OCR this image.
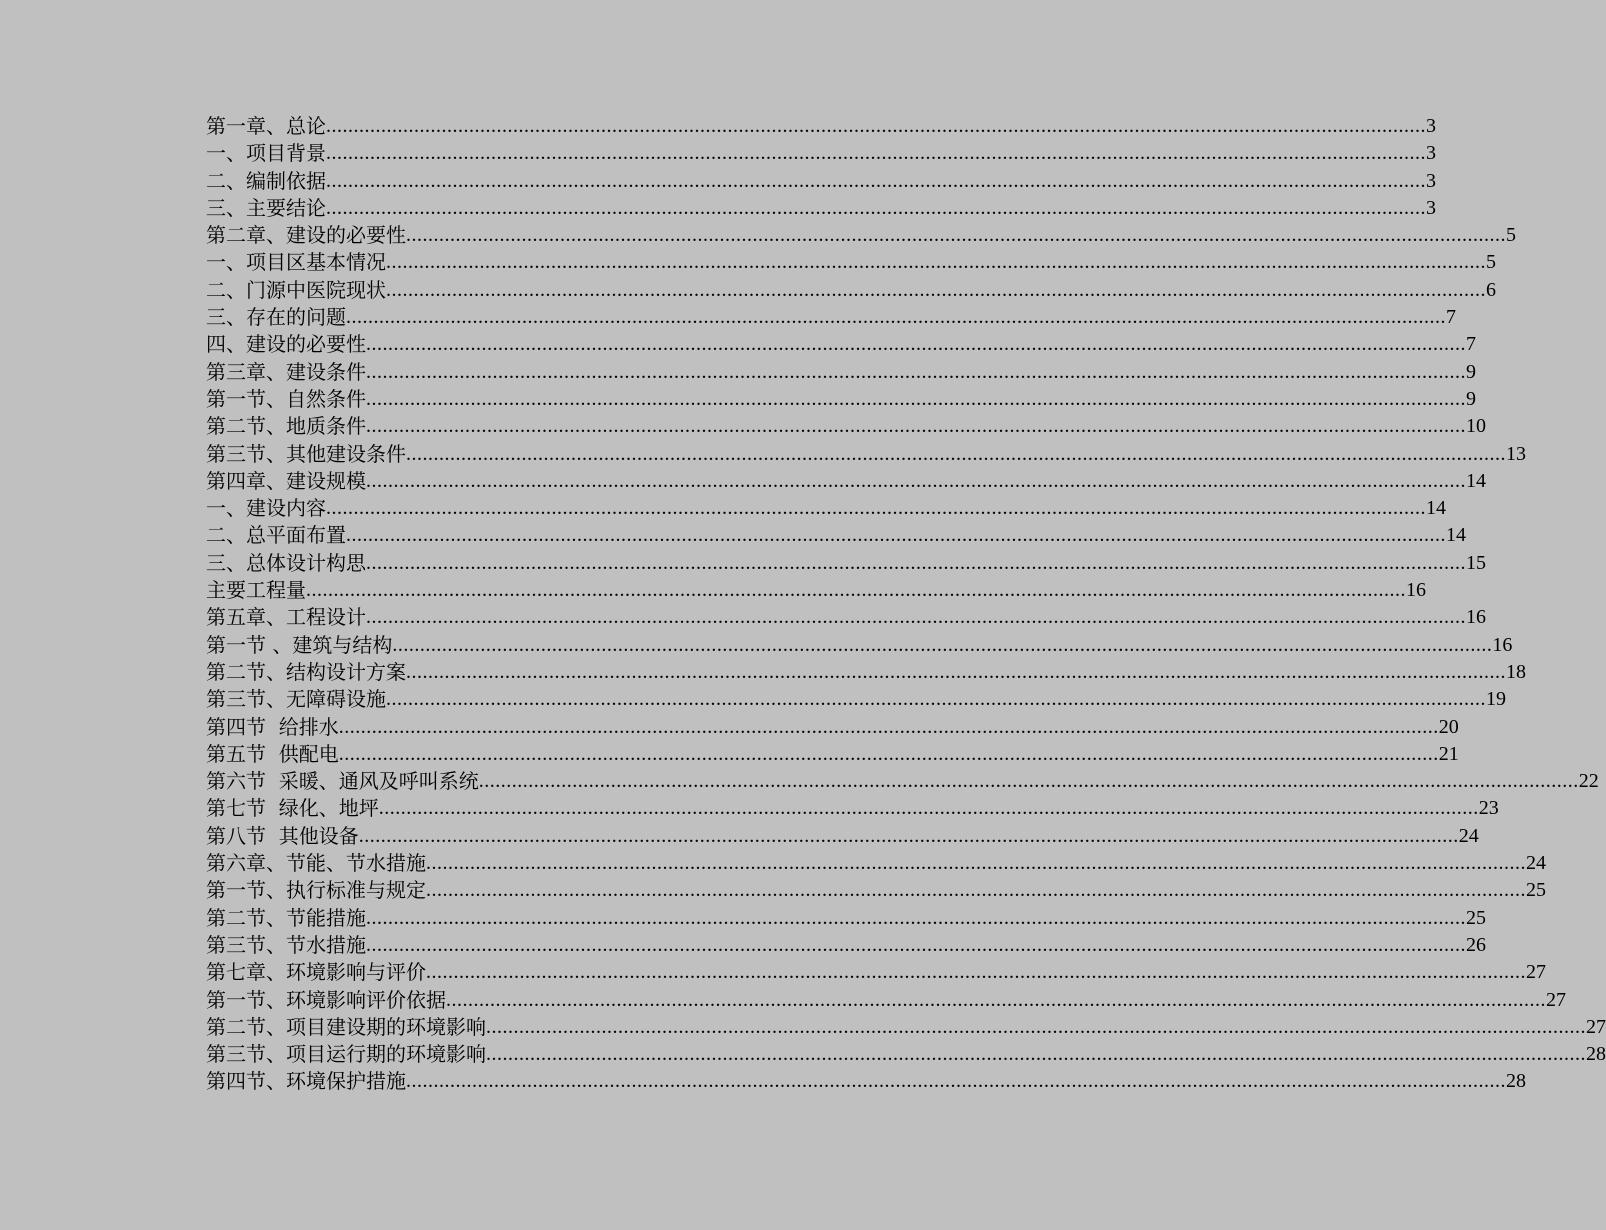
第一章、总论 ........................................................................................................................................................................................................ 3
一、项目背景 ........................................................................................................................................................................................................ 3
二、编制依据 ........................................................................................................................................................................................................ 3
三、主要结论 ........................................................................................................................................................................................................ 3
第二章、建设的必要性 ........................................................................................................................................................................................................ 5
一、项目区基本情况 ........................................................................................................................................................................................................ 5
二、门源中医院现状 ........................................................................................................................................................................................................ 6
三、存在的问题 ........................................................................................................................................................................................................ 7
四、建设的必要性 ........................................................................................................................................................................................................ 7
第三章、建设条件 ........................................................................................................................................................................................................ 9
第一节、自然条件 ........................................................................................................................................................................................................ 9
第二节、地质条件 ........................................................................................................................................................................................................ 10
第三节、其他建设条件 ........................................................................................................................................................................................................ 13
第四章、建设规模 ........................................................................................................................................................................................................ 14
一、建设内容 ........................................................................................................................................................................................................ 14
二、总平面布置 ........................................................................................................................................................................................................ 14
三、总体设计构思 ........................................................................................................................................................................................................ 15
主要工程量 ........................................................................................................................................................................................................ 16
第五章、工程设计 ........................................................................................................................................................................................................ 16
第一节 、建筑与结构 ........................................................................................................................................................................................................ 16
第二节、结构设计方案 ........................................................................................................................................................................................................ 18
第三节、无障碍设施 ........................................................................................................................................................................................................ 19
第四节  给排水 ........................................................................................................................................................................................................ 20
第五节  供配电 ........................................................................................................................................................................................................ 21
第六节  采暖、通风及呼叫系统 ........................................................................................................................................................................................................ 22
第七节  绿化、地坪 ........................................................................................................................................................................................................ 23
第八节  其他设备 ........................................................................................................................................................................................................ 24
第六章、节能、节水措施 ........................................................................................................................................................................................................ 24
第一节、执行标准与规定 ........................................................................................................................................................................................................ 25
第二节、节能措施 ........................................................................................................................................................................................................ 25
第三节、节水措施 ........................................................................................................................................................................................................ 26
第七章、环境影响与评价 ........................................................................................................................................................................................................ 27
第一节、环境影响评价依据 ........................................................................................................................................................................................................ 27
第二节、项目建设期的环境影响 ........................................................................................................................................................................................................ 27
第三节、项目运行期的环境影响 ........................................................................................................................................................................................................ 28
第四节、环境保护措施 ........................................................................................................................................................................................................ 28
